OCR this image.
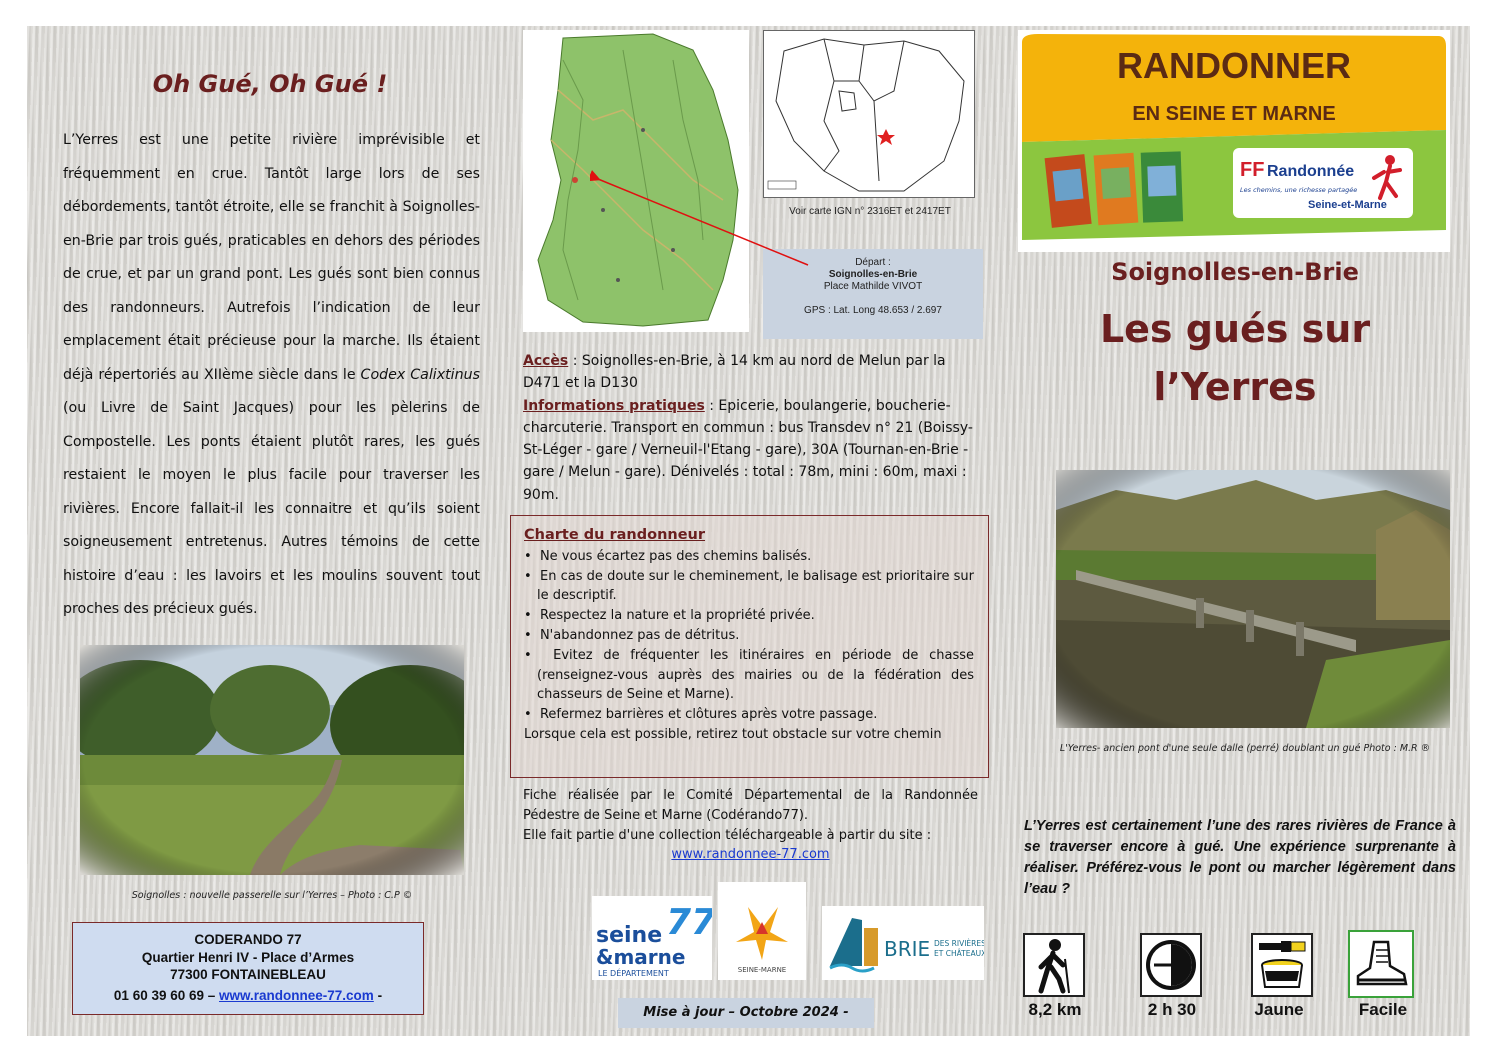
Oh Gué, Oh Gué !
L’Yerres est une petite rivière imprévisible et fréquemment en crue. Tantôt large lors de ses débordements, tantôt étroite, elle se franchit à Soignolles-en-Brie par trois gués, praticables en dehors des périodes de crue, et par un grand pont. Les gués sont bien connus des randonneurs. Autrefois l’indication de leur emplacement était précieuse pour la marche. Ils étaient déjà répertoriés au XIIème siècle dans le Codex Calixtinus (ou Livre de Saint Jacques) pour les pèlerins de Compostelle. Les ponts étaient plutôt rares, les gués restaient le moyen le plus facile pour traverser les rivières. Encore fallait-il les connaitre et qu’ils soient soigneusement entretenus. Autres témoins de cette histoire d’eau : les lavoirs et les moulins souvent tout proches des précieux gués.
Soignolles : nouvelle passerelle sur l’Yerres – Photo : C.P ©
CODERANDO 77
Quartier Henri IV - Place d’Armes
77300 FONTAINEBLEAU
01 60 39 60 69 – www.randonnee-77.com -
Voir carte IGN n° 2316ET et 2417ET
Départ :
Soignolles-en-Brie
Place Mathilde VIVOT
GPS : Lat. Long 48.653 / 2.697
Accès : Soignolles-en-Brie, à 14 km au nord de Melun par la D471 et la D130
Informations pratiques : Epicerie, boulangerie, boucherie-charcuterie. Transport en commun : bus Transdev n° 21 (Boissy-St-Léger - gare / Verneuil-l'Etang - gare), 30A (Tournan-en-Brie - gare / Melun - gare). Dénivelés : total : 78m, mini : 60m, maxi : 90m.
Charte du randonneur
•  Ne vous écartez pas des chemins balisés.
•  En cas de doute sur le cheminement, le balisage est prioritaire sur le descriptif.
•  Respectez la nature et la propriété privée.
•  N'abandonnez pas de détritus.
•  Evitez de fréquenter les itinéraires en période de chasse (renseignez-vous auprès des mairies ou de la fédération des chasseurs de Seine et Marne).
•  Refermez barrières et clôtures après votre passage.
Lorsque cela est possible, retirez tout obstacle sur votre chemin
Fiche réalisée par le Comité Départemental de la Randonnée Pédestre de Seine et Marne (Codérando77).
Elle fait partie d'une collection téléchargeable à partir du site :
www.randonnee-77.com
seine
&marne
LE DÉPARTEMENT
77
SEINE-MARNE
BRIE DES RIVIÈRES
ET CHÂTEAUX
Mise à jour – Octobre 2024 -
RANDONNER
EN SEINE ET MARNE
FF Randonnée
Les chemins, une richesse partagée
Seine-et-Marne
Soignolles-en-Brie
Les gués sur
l’Yerres
L'Yerres- ancien pont d'une seule dalle (perré) doublant un gué Photo : M.R ®
L’Yerres est certainement l’une des rares rivières de France à se traverser encore à gué. Une expérience surprenante à réaliser. Préférez-vous le pont ou marcher légèrement dans l’eau ?
8,2 km	2 h 30	Jaune	Facile
